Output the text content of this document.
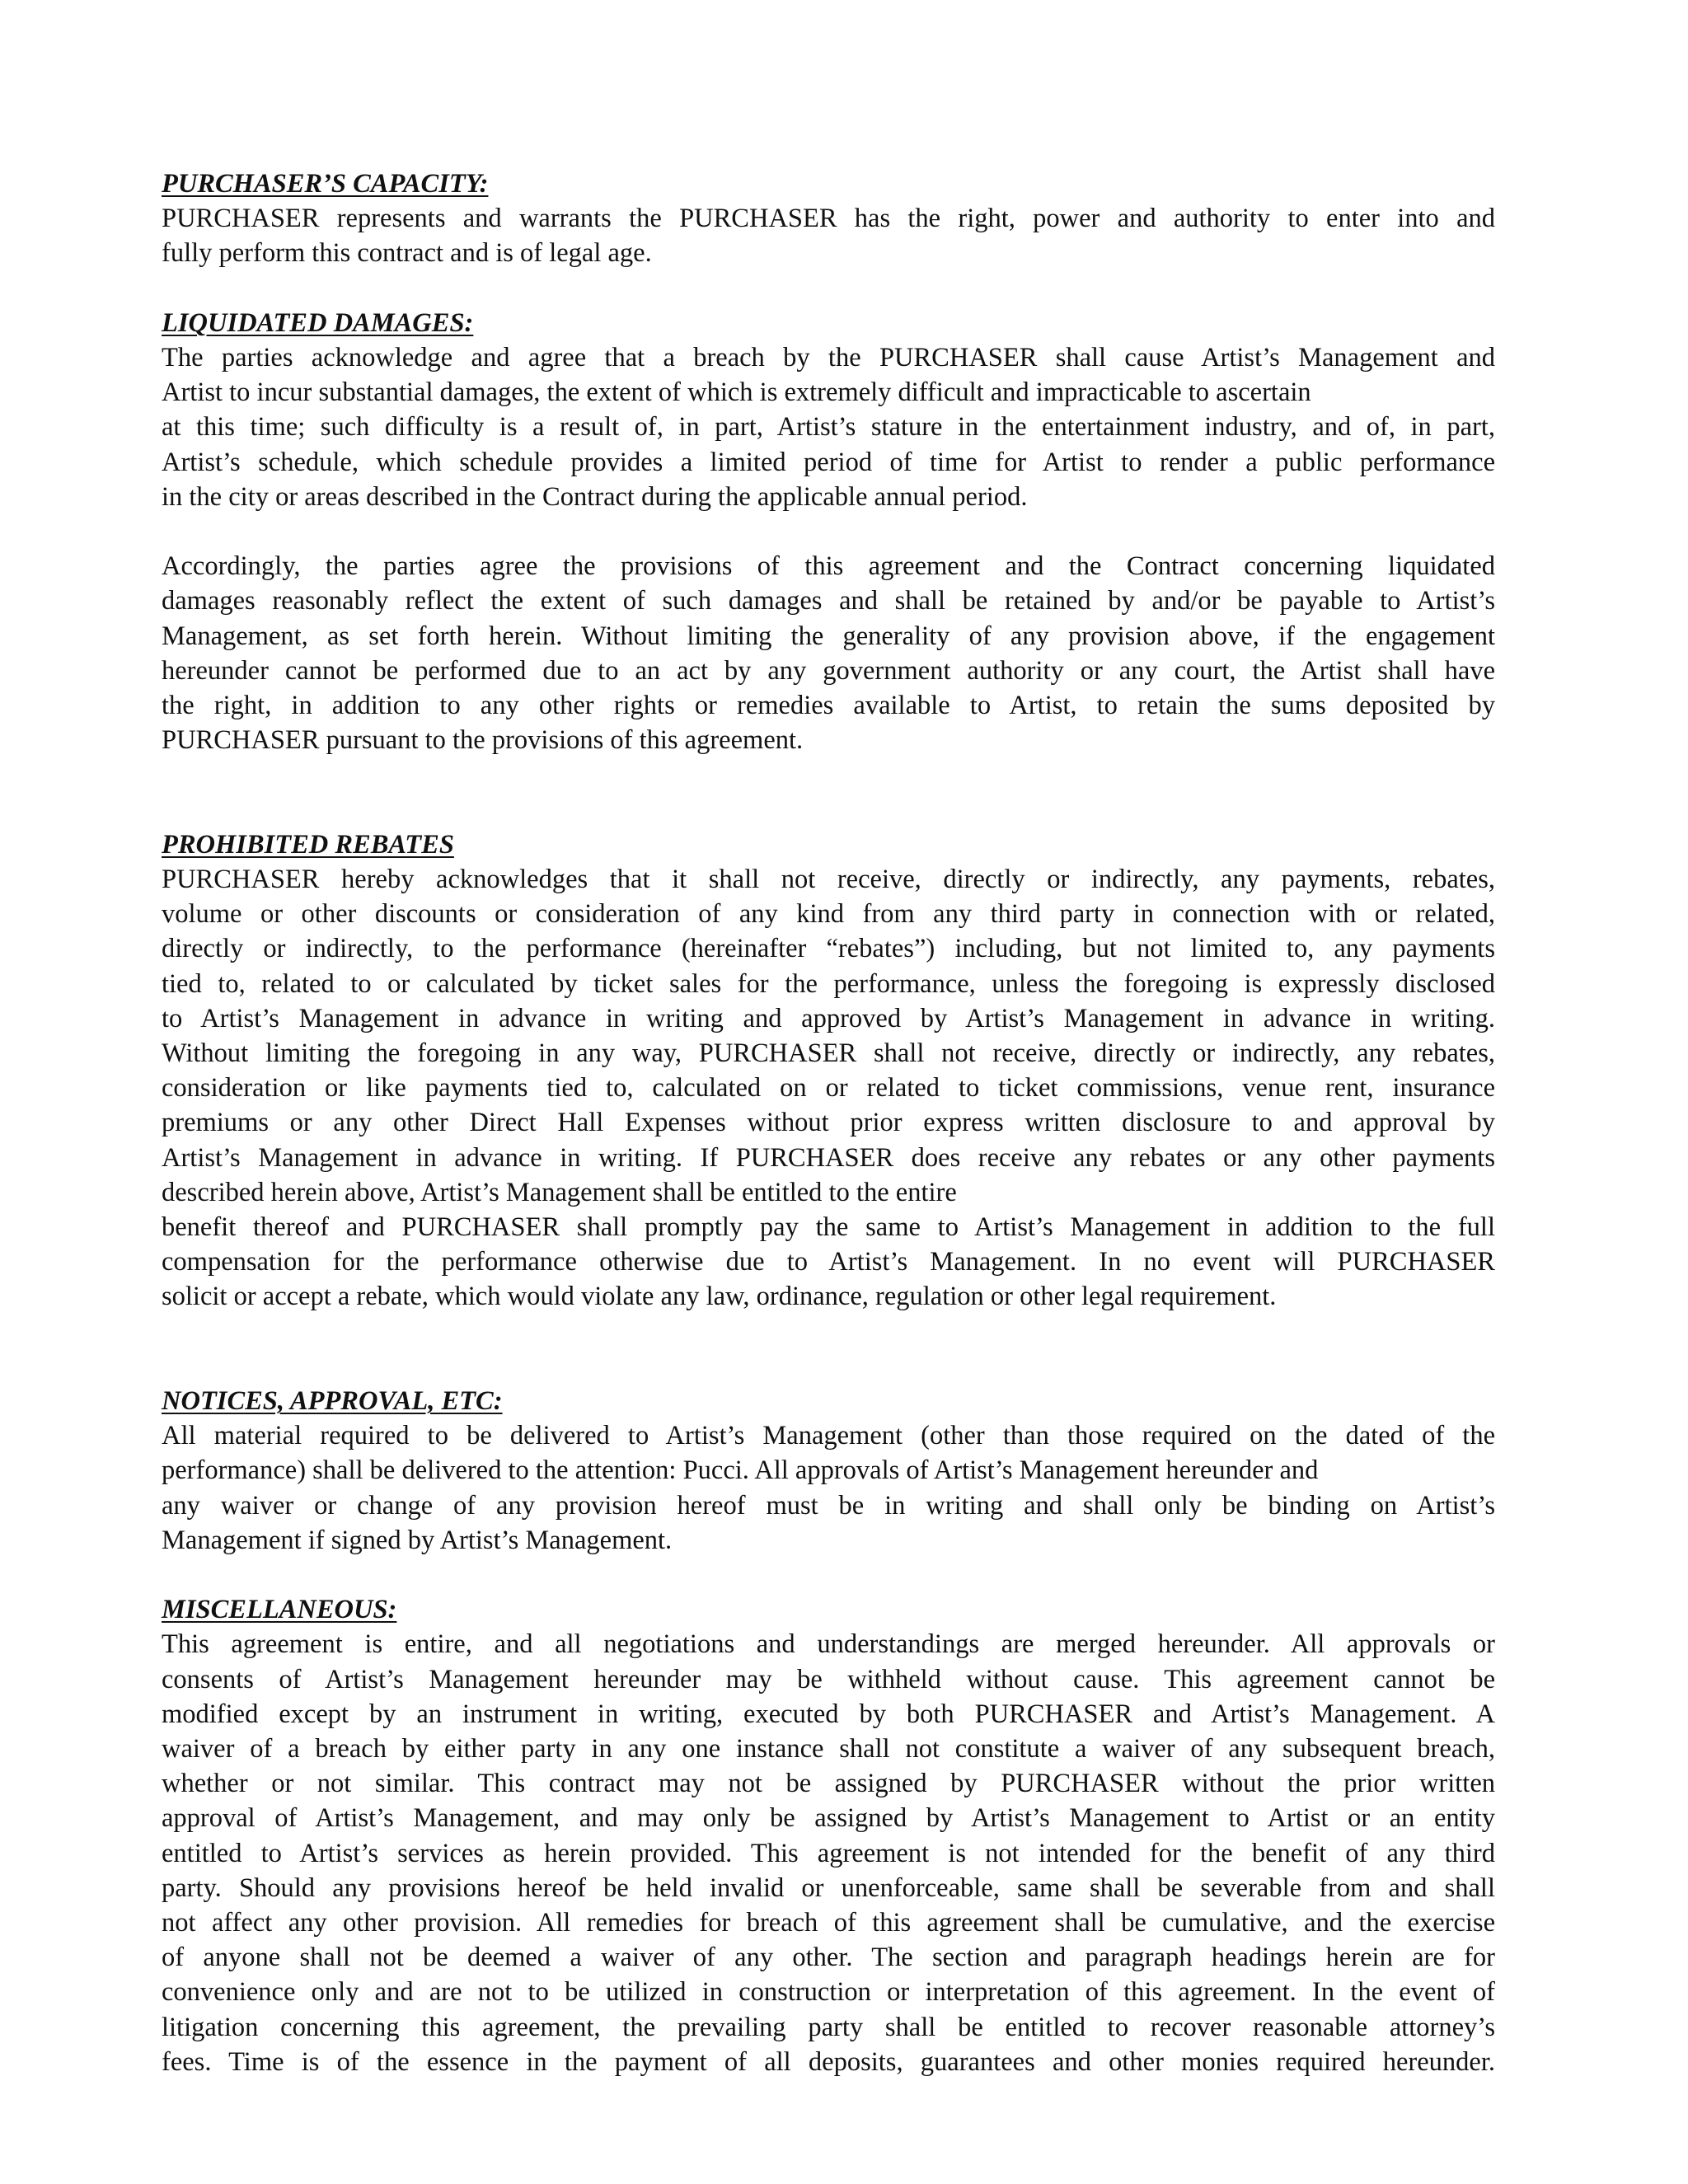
PURCHASER’S CAPACITY:
PURCHASER represents and warrants the PURCHASER has the right, power and authority to enter into and
fully perform this contract and is of legal age.
LIQUIDATED DAMAGES:
The parties acknowledge and agree that a breach by the PURCHASER shall cause Artist’s Management and
Artist to incur substantial damages, the extent of which is extremely difficult and impracticable to ascertain
at this time; such difficulty is a result of, in part, Artist’s stature in the entertainment industry, and of, in part,
Artist’s schedule, which schedule provides a limited period of time for Artist to render a public performance
in the city or areas described in the Contract during the applicable annual period.
Accordingly, the parties agree the provisions of this agreement and the Contract concerning liquidated
damages reasonably reflect the extent of such damages and shall be retained by and/or be payable to Artist’s
Management, as set forth herein. Without limiting the generality of any provision above, if the engagement
hereunder cannot be performed due to an act by any government authority or any court, the Artist shall have
the right, in addition to any other rights or remedies available to Artist, to retain the sums deposited by
PURCHASER pursuant to the provisions of this agreement.
PROHIBITED REBATES
PURCHASER hereby acknowledges that it shall not receive, directly or indirectly, any payments, rebates,
volume or other discounts or consideration of any kind from any third party in connection with or related,
directly or indirectly, to the performance (hereinafter “rebates”) including, but not limited to, any payments
tied to, related to or calculated by ticket sales for the performance, unless the foregoing is expressly disclosed
to Artist’s Management in advance in writing and approved by Artist’s Management in advance in writing.
Without limiting the foregoing in any way, PURCHASER shall not receive, directly or indirectly, any rebates,
consideration or like payments tied to, calculated on or related to ticket commissions, venue rent, insurance
premiums or any other Direct Hall Expenses without prior express written disclosure to and approval by
Artist’s Management in advance in writing. If PURCHASER does receive any rebates or any other payments
described herein above, Artist’s Management shall be entitled to the entire
benefit thereof and PURCHASER shall promptly pay the same to Artist’s Management in addition to the full
compensation for the performance otherwise due to Artist’s Management. In no event will PURCHASER
solicit or accept a rebate, which would violate any law, ordinance, regulation or other legal requirement.
NOTICES, APPROVAL, ETC:
All material required to be delivered to Artist’s Management (other than those required on the dated of the
performance) shall be delivered to the attention: Pucci. All approvals of Artist’s Management hereunder and
any waiver or change of any provision hereof must be in writing and shall only be binding on Artist’s
Management if signed by Artist’s Management.
MISCELLANEOUS:
This agreement is entire, and all negotiations and understandings are merged hereunder. All approvals or
consents of Artist’s Management hereunder may be withheld without cause. This agreement cannot be
modified except by an instrument in writing, executed by both PURCHASER and Artist’s Management. A
waiver of a breach by either party in any one instance shall not constitute a waiver of any subsequent breach,
whether or not similar. This contract may not be assigned by PURCHASER without the prior written
approval of Artist’s Management, and may only be assigned by Artist’s Management to Artist or an entity
entitled to Artist’s services as herein provided. This agreement is not intended for the benefit of any third
party. Should any provisions hereof be held invalid or unenforceable, same shall be severable from and shall
not affect any other provision. All remedies for breach of this agreement shall be cumulative, and the exercise
of anyone shall not be deemed a waiver of any other. The section and paragraph headings herein are for
convenience only and are not to be utilized in construction or interpretation of this agreement. In the event of
litigation concerning this agreement, the prevailing party shall be entitled to recover reasonable attorney’s
fees. Time is of the essence in the payment of all deposits, guarantees and other monies required hereunder.
